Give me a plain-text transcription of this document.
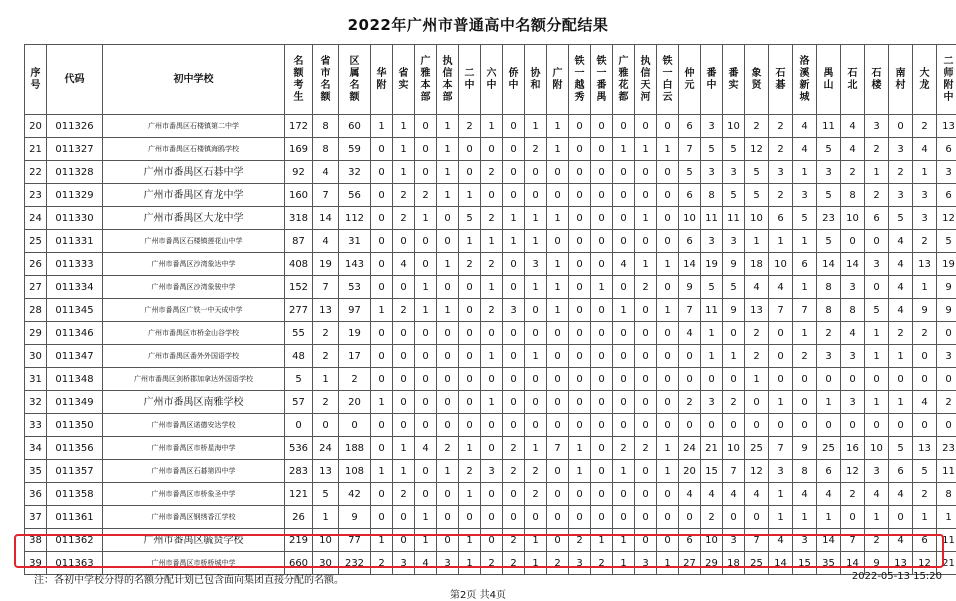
2022年广州市普通高中名额分配结果
序号	代码	初中学校	名额考生	省市名额	区属名额	华附	省实	广雅本部	执信本部	二中	六中	侨中	协和	广附	铁一越秀	铁一番禺	广雅花都	执信天河	铁一白云	仲元	番中	番实	象贤	石碁	洛溪新城	禺山	石北	石楼	南村	大龙	二师附中
20	011326	广州市番禺区石楼镇第二中学	172	8	60	1	1	0	1	2	1	0	1	1	0	0	0	0	0	6	3	10	2	2	4	11	4	3	0	2	13
21	011327	广州市番禺区石楼镇海鸥学校	169	8	59	0	1	0	1	0	0	0	2	1	0	0	1	1	1	7	5	5	12	2	4	5	4	2	3	4	6
22	011328	广州市番禺区石碁中学	92	4	32	0	1	0	1	0	2	0	0	0	0	0	0	0	0	5	3	3	5	3	1	3	2	1	2	1	3
23	011329	广州市番禺区育龙中学	160	7	56	0	2	2	1	1	0	0	0	0	0	0	0	0	0	6	8	5	5	2	3	5	8	2	3	3	6
24	011330	广州市番禺区大龙中学	318	14	112	0	2	1	0	5	2	1	1	1	0	0	0	1	0	10	11	11	10	6	5	23	10	6	5	3	12
25	011331	广州市番禺区石楼镇莲花山中学	87	4	31	0	0	0	0	1	1	1	1	0	0	0	0	0	0	6	3	3	1	1	1	5	0	0	4	2	5
26	011333	广州市番禺区沙湾象达中学	408	19	143	0	4	0	1	2	2	0	3	1	0	0	4	1	1	14	19	9	18	10	6	14	14	3	4	13	19
27	011334	广州市番禺区沙湾象骏中学	152	7	53	0	0	1	0	0	1	0	1	1	0	1	0	2	0	9	5	5	4	4	1	8	3	0	4	1	9
28	011345	广州市番禺区广铁一中天成中学	277	13	97	1	2	1	1	0	2	3	0	1	0	0	1	0	1	7	11	9	13	7	7	8	8	5	4	9	9
29	011346	广州市番禺区市桥金山谷学校	55	2	19	0	0	0	0	0	0	0	0	0	0	0	0	0	0	4	1	0	2	0	1	2	4	1	2	2	0
30	011347	广州市番禺区番外外国语学校	48	2	17	0	0	0	0	0	1	0	1	0	0	0	0	0	0	0	1	1	2	0	2	3	3	1	1	0	3
31	011348	广州市番禺区剑桥郡加拿达外国语学校	5	1	2	0	0	0	0	0	0	0	0	0	0	0	0	0	0	0	0	0	1	0	0	0	0	0	0	0	0
32	011349	广州市番禺区南雅学校	57	2	20	1	0	0	0	0	1	0	0	0	0	0	0	0	0	2	3	2	0	1	0	1	3	1	1	4	2
33	011350	广州市番禺区诺德安达学校	0	0	0	0	0	0	0	0	0	0	0	0	0	0	0	0	0	0	0	0	0	0	0	0	0	0	0	0	0
34	011356	广州市番禺区市桥星海中学	536	24	188	0	1	4	2	1	0	2	1	7	1	0	2	2	1	24	21	10	25	7	9	25	16	10	5	13	23
35	011357	广州市番禺区石碁第四中学	283	13	108	1	1	0	1	2	3	2	2	0	1	0	1	0	1	20	15	7	12	3	8	6	12	3	6	5	11
36	011358	广州市番禺区市桥象圣中学	121	5	42	0	2	0	0	1	0	0	2	0	0	0	0	0	0	4	4	4	4	1	4	4	2	4	4	2	8
37	011361	广州市番禺区钢绣香江学校	26	1	9	0	0	1	0	0	0	0	0	0	0	0	0	0	0	0	2	0	0	1	1	1	0	1	0	1	1
38	011362	广州市番禺区毓贤学校	219	10	77	1	0	1	0	1	0	2	1	0	2	1	1	0	0	6	10	3	7	4	3	14	7	2	4	6	11
39	011363	广州市番禺区市桥桥城中学	660	30	232	2	3	4	3	1	2	2	1	2	3	2	1	3	1	27	29	18	25	14	15	35	14	9	13	12	21
注：各初中学校分得的名额分配计划已包含面向集团直接分配的名额。	2022-05-13 15:20
第2页 共4页
